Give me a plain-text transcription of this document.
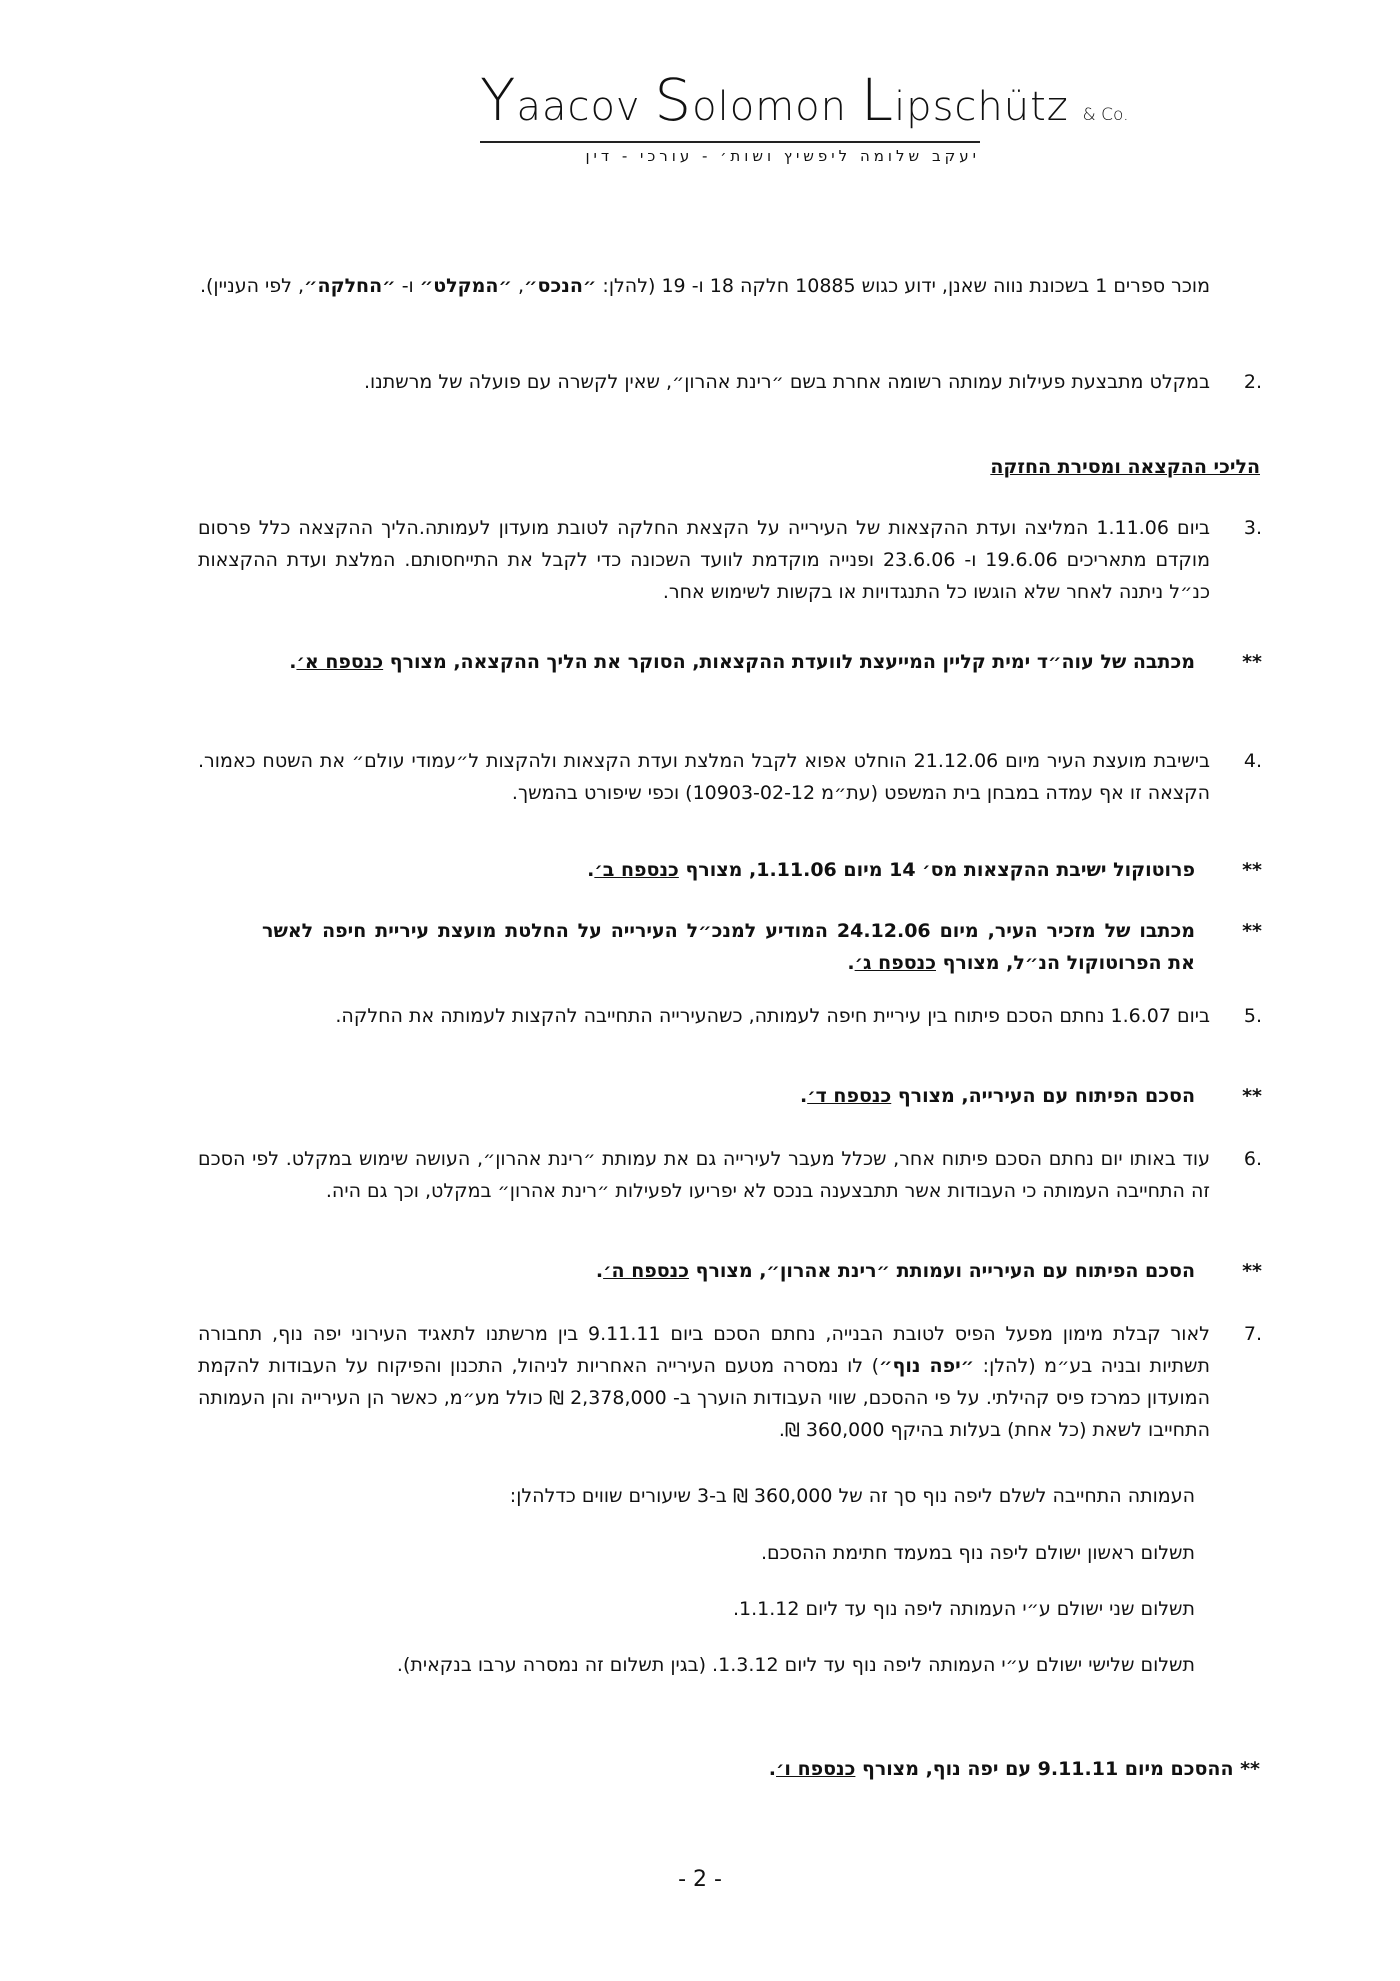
Yaacov Solomon Lipschütz & Co.
יעקב שלומה ליפשיץ ושות׳ - עורכי - דין
מוכר ספרים 1 בשכונת נווה שאנן, ידוע כגוש 10885 חלקה 18 ו- 19 (להלן: ״הנכס״, ״המקלט״ ו- ״החלקה״, לפי העניין).
2.
במקלט מתבצעת פעילות עמותה רשומה אחרת בשם ״רינת אהרון״, שאין לקשרה עם פועלה של מרשתנו.
הליכי ההקצאה ומסירת החזקה
3.
ביום 1.11.06 המליצה ועדת ההקצאות של העירייה על הקצאת החלקה לטובת מועדון לעמותה.הליך ההקצאה כלל פרסום מוקדם מתאריכים 19.6.06 ו- 23.6.06 ופנייה מוקדמת לוועד השכונה כדי לקבל את התייחסותם. המלצת ועדת ההקצאות כנ״ל ניתנה לאחר שלא הוגשו כל התנגדויות או בקשות לשימוש אחר.
**
מכתבה של עוה״ד ימית קליין המייעצת לוועדת ההקצאות, הסוקר את הליך ההקצאה, מצורף כנספח א׳.
4.
בישיבת מועצת העיר מיום 21.12.06 הוחלט אפוא לקבל המלצת ועדת הקצאות ולהקצות ל״עמודי עולם״ את השטח כאמור. הקצאה זו אף עמדה במבחן בית המשפט (עת״מ 10903-02-12) וכפי שיפורט בהמשך.
**
פרוטוקול ישיבת ההקצאות מס׳ 14 מיום 1.11.06, מצורף כנספח ב׳.
**
מכתבו של מזכיר העיר, מיום 24.12.06 המודיע למנכ״ל העירייה על החלטת מועצת עיריית חיפה לאשר את הפרוטוקול הנ״ל, מצורף כנספח ג׳.
5.
ביום 1.6.07 נחתם הסכם פיתוח בין עיריית חיפה לעמותה, כשהעירייה התחייבה להקצות לעמותה את החלקה.
**
הסכם הפיתוח עם העירייה, מצורף כנספח ד׳.
6.
עוד באותו יום נחתם הסכם פיתוח אחר, שכלל מעבר לעירייה גם את עמותת ״רינת אהרון״, העושה שימוש במקלט. לפי הסכם זה התחייבה העמותה כי העבודות אשר תתבצענה בנכס לא יפריעו לפעילות ״רינת אהרון״ במקלט, וכך גם היה.
**
הסכם הפיתוח עם העירייה ועמותת ״רינת אהרון״, מצורף כנספח ה׳.
7.
לאור קבלת מימון מפעל הפיס לטובת הבנייה, נחתם הסכם ביום 9.11.11 בין מרשתנו לתאגיד העירוני יפה נוף, תחבורה תשתיות ובניה בע״מ (להלן: ״יפה נוף״) לו נמסרה מטעם העירייה האחריות לניהול, התכנון והפיקוח על העבודות להקמת המועדון כמרכז פיס קהילתי. על פי ההסכם, שווי העבודות הוערך ב- 2,378,000 ₪ כולל מע״מ, כאשר הן העירייה והן העמותה התחייבו לשאת (כל אחת) בעלות בהיקף 360,000 ₪.
העמותה התחייבה לשלם ליפה נוף סך זה של 360,000 ₪ ב-3 שיעורים שווים כדלהלן:
תשלום ראשון ישולם ליפה נוף במעמד חתימת ההסכם.
תשלום שני ישולם ע״י העמותה ליפה נוף עד ליום 1.1.12.
תשלום שלישי ישולם ע״י העמותה ליפה נוף עד ליום 1.3.12. (בגין תשלום זה נמסרה ערבו בנקאית).
** ההסכם מיום 9.11.11 עם יפה נוף, מצורף כנספח ו׳.
- 2 -
